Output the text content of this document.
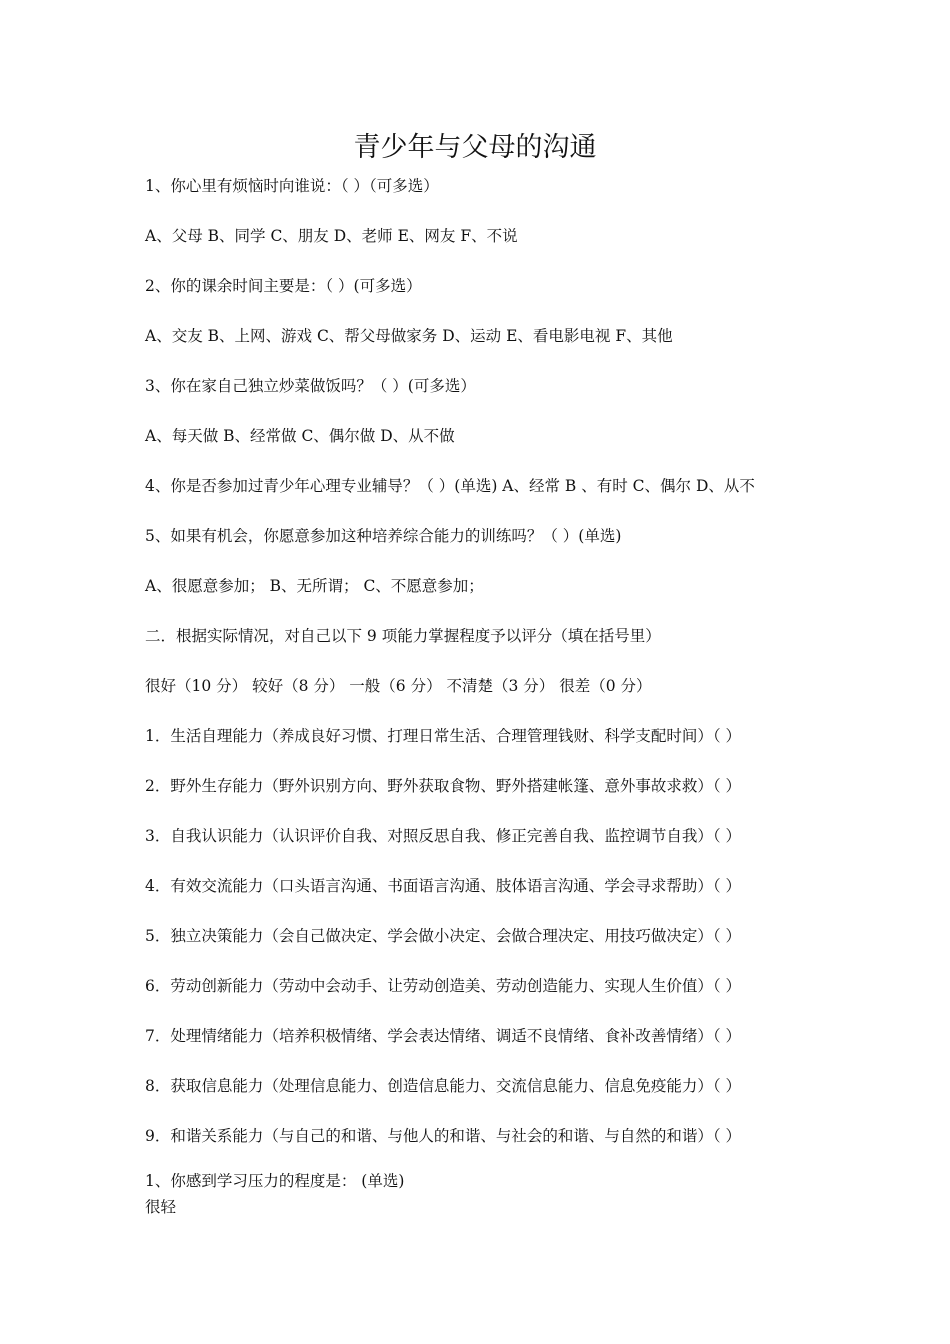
青少年与父母的沟通
1、你心里有烦恼时向谁说：（ ）（可多选）
A、父母 B、同学 C、朋友 D、老师 E、网友 F、不说
2、你的课余时间主要是：（ ）(可多选）
A、交友 B、上网、游戏 C、帮父母做家务 D、运动 E、看电影电视 F、其他
3、你在家自己独立炒菜做饭吗？（ ）(可多选）
A、每天做 B、经常做 C、偶尔做 D、从不做
4、你是否参加过青少年心理专业辅导？（ ）(单选) A、经常 B 、有时 C、偶尔 D、从不
5、如果有机会，你愿意参加这种培养综合能力的训练吗？（ ）(单选)
A、很愿意参加； B、无所谓； C、不愿意参加；
二．根据实际情况，对自己以下 9 项能力掌握程度予以评分（填在括号里）
很好（10 分） 较好（8 分） 一般（6 分） 不清楚（3 分） 很差（0 分）
1．生活自理能力（养成良好习惯、打理日常生活、合理管理钱财、科学支配时间）（ ）
2．野外生存能力（野外识别方向、野外获取食物、野外搭建帐篷、意外事故求救）（ ）
3．自我认识能力（认识评价自我、对照反思自我、修正完善自我、监控调节自我）（ ）
4．有效交流能力（口头语言沟通、书面语言沟通、肢体语言沟通、学会寻求帮助）（ ）
5．独立决策能力（会自己做决定、学会做小决定、会做合理决定、用技巧做决定）（ ）
6．劳动创新能力（劳动中会动手、让劳动创造美、劳动创造能力、实现人生价值）（ ）
7．处理情绪能力（培养积极情绪、学会表达情绪、调适不良情绪、食补改善情绪）（ ）
8．获取信息能力（处理信息能力、创造信息能力、交流信息能力、信息免疫能力）（ ）
9．和谐关系能力（与自己的和谐、与他人的和谐、与社会的和谐、与自然的和谐）（ ）
1、你感到学习压力的程度是： (单选)
很轻
